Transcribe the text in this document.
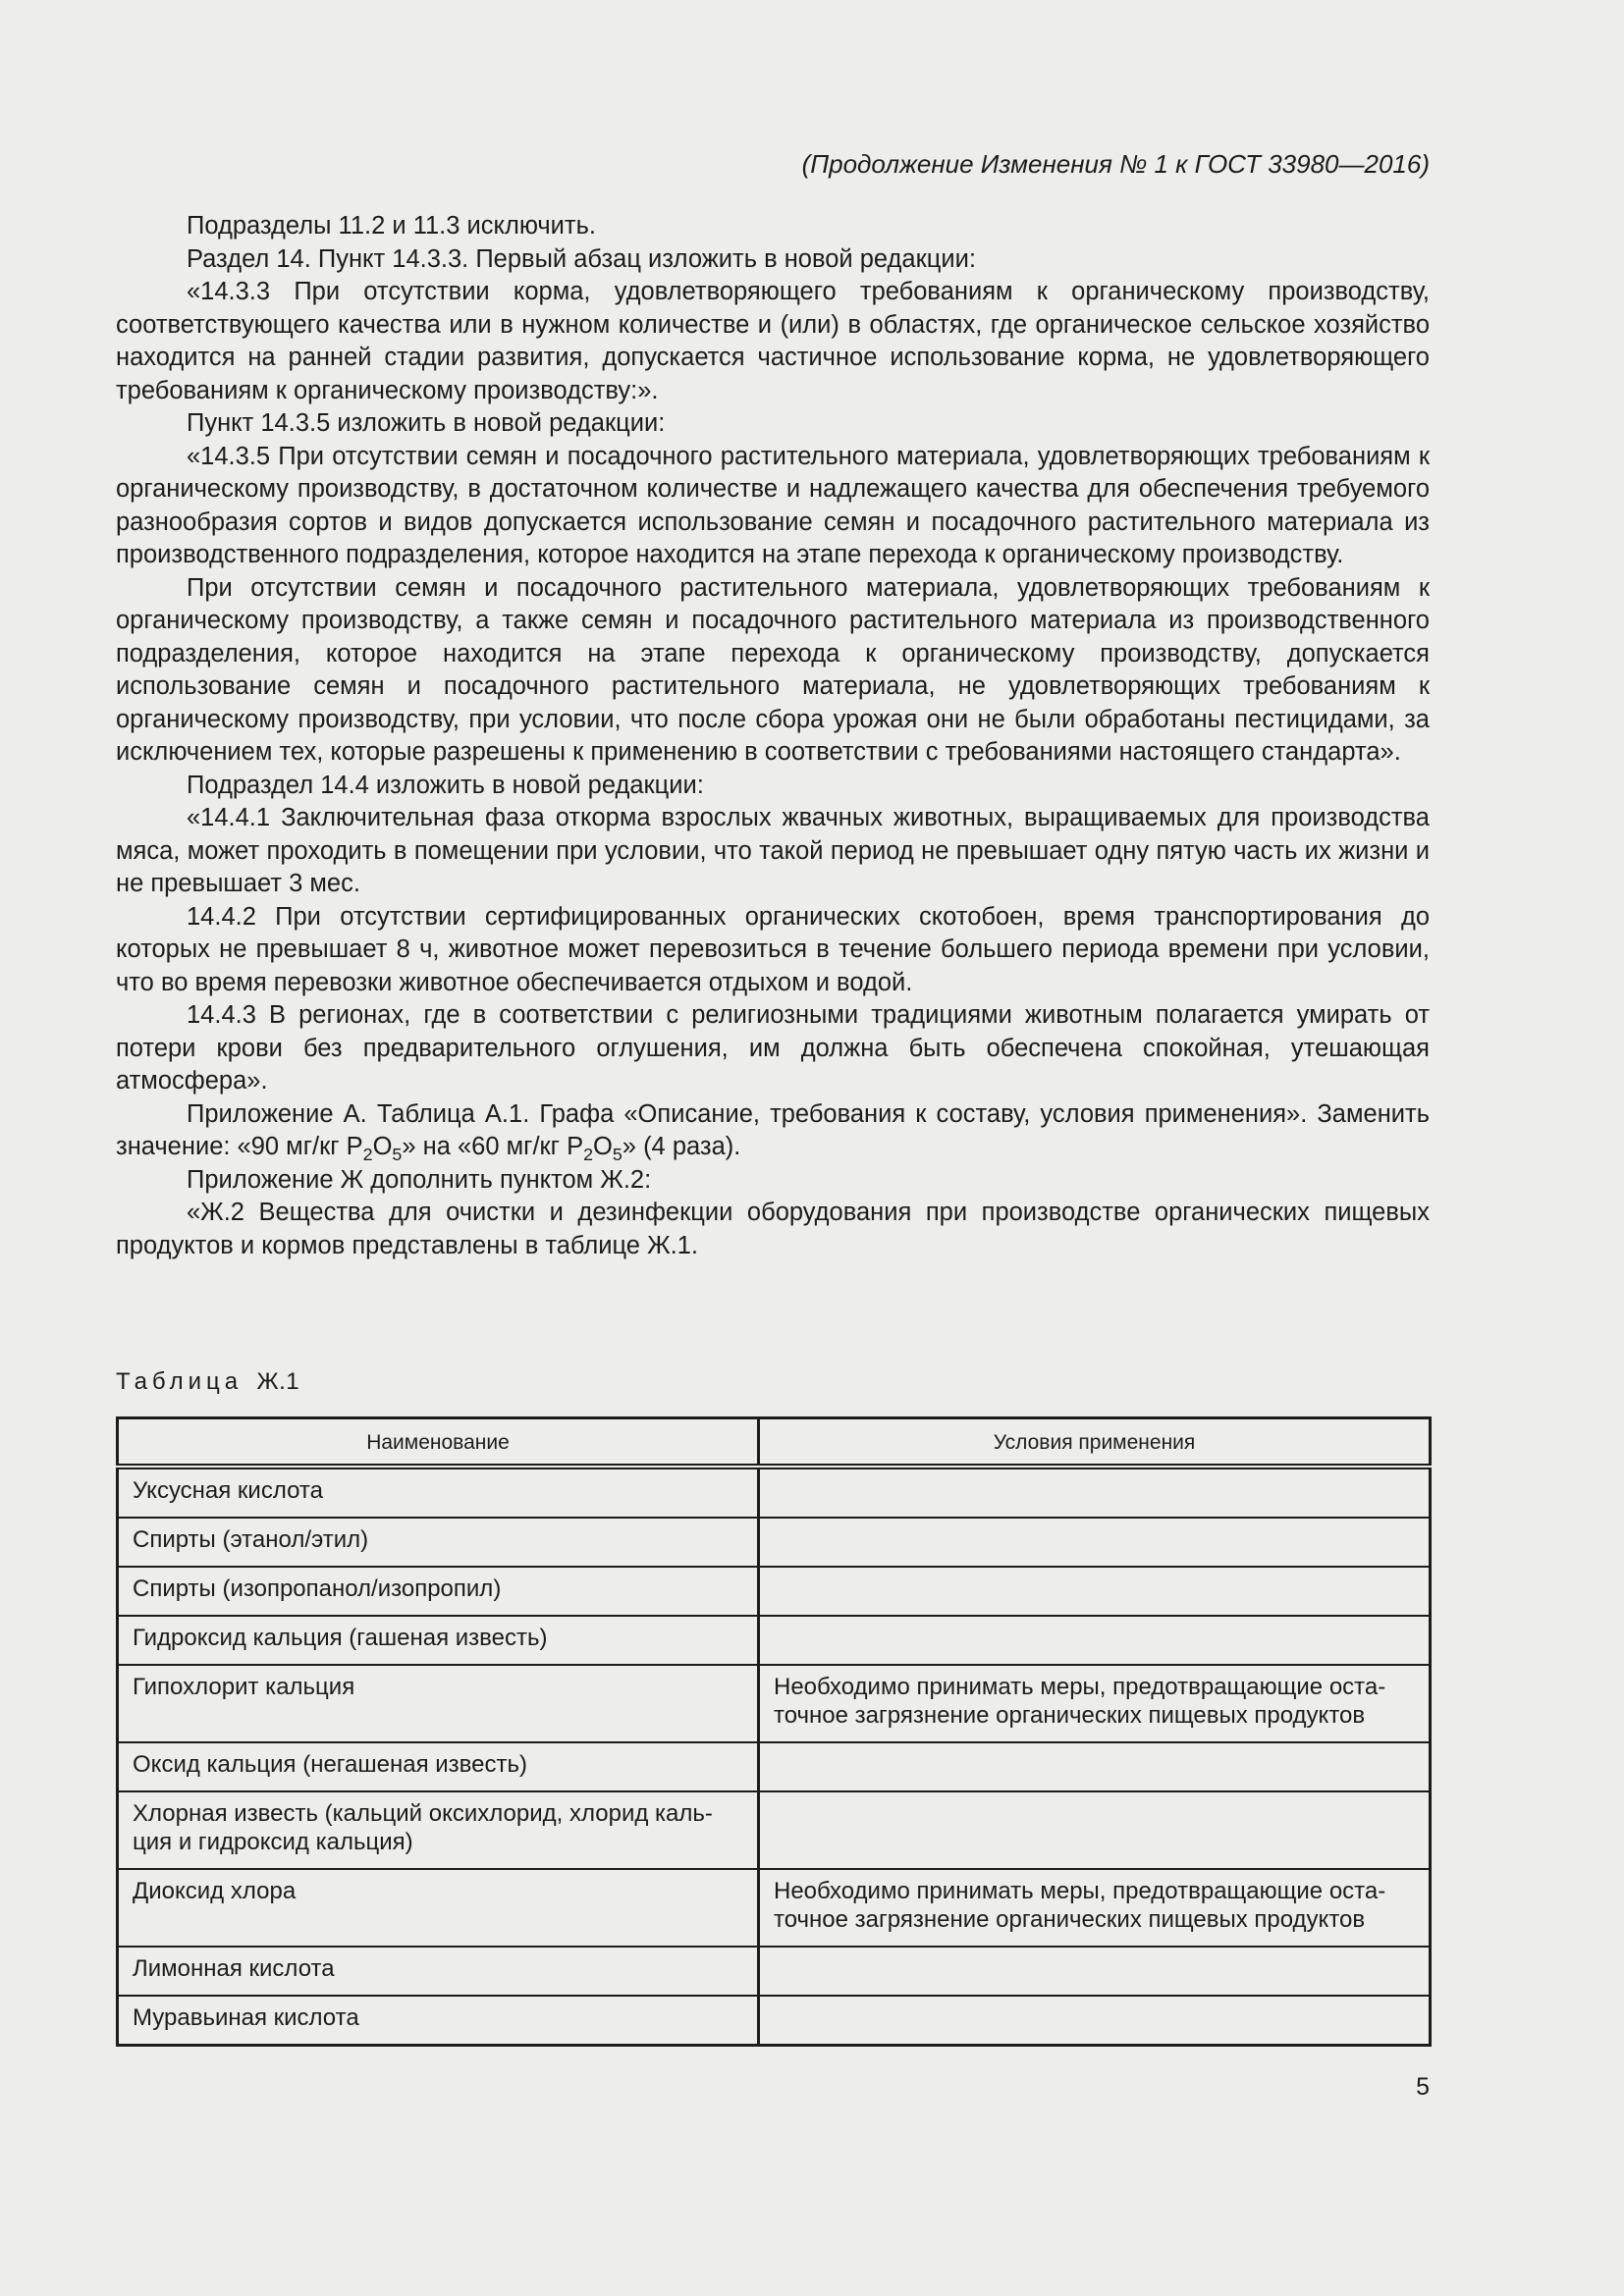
(Продолжение Изменения № 1 к ГОСТ 33980—2016)

Подразделы 11.2 и 11.3 исключить.

Раздел 14. Пункт 14.3.3. Первый абзац изложить в новой редакции:

«14.3.3 При отсутствии корма, удовлетворяющего требованиям к органическому производству, соответствующего качества или в нужном количестве и (или) в областях, где органическое сельское хозяйство находится на ранней стадии развития, допускается частичное использование корма, не удовлетворяющего требованиям к органическому производству:».

Пункт 14.3.5 изложить в новой редакции:

«14.3.5 При отсутствии семян и посадочного растительного материала, удовлетворяющих требованиям к органическому производству, в достаточном количестве и надлежащего качества для обеспечения требуемого разнообразия сортов и видов допускается использование семян и посадочного растительного материала из производственного подразделения, которое находится на этапе перехода к органическому производству.

При отсутствии семян и посадочного растительного материала, удовлетворяющих требованиям к органическому производству, а также семян и посадочного растительного материала из производственного подразделения, которое находится на этапе перехода к органическому производству, допускается использование семян и посадочного растительного материала, не удовлетворяющих требованиям к органическому производству, при условии, что после сбора урожая они не были обработаны пестицидами, за исключением тех, которые разрешены к применению в соответствии с требованиями настоящего стандарта».

Подраздел 14.4 изложить в новой редакции:

«14.4.1 Заключительная фаза откорма взрослых жвачных животных, выращиваемых для производства мяса, может проходить в помещении при условии, что такой период не превышает одну пятую часть их жизни и не превышает 3 мес.

14.4.2 При отсутствии сертифицированных органических скотобоен, время транспортирования до которых не превышает 8 ч, животное может перевозиться в течение большего периода времени при условии, что во время перевозки животное обеспечивается отдыхом и водой.

14.4.3 В регионах, где в соответствии с религиозными традициями животным полагается умирать от потери крови без предварительного оглушения, им должна быть обеспечена спокойная, утешающая атмосфера».

Приложение А. Таблица А.1. Графа «Описание, требования к составу, условия применения». Заменить значение: «90 мг/кг $P_2O_5$» на «60 мг/кг $P_2O_5$» (4 раза).

Приложение Ж дополнить пунктом Ж.2:

«Ж.2 Вещества для очистки и дезинфекции оборудования при производстве органических пищевых продуктов и кормов представлены в таблице Ж.1.

Таблица Ж.1
Наименование	Условия применения
Уксусная кислота	
Спирты (этанол/этил)	
Спирты (изопропанол/изопропил)	
Гидроксид кальция (гашеная известь)	
Гипохлорит кальция	Необходимо принимать меры, предотвращающие остаточное загрязнение органических пищевых продуктов
Оксид кальция (негашеная известь)	
Хлорная известь (кальций оксихлорид, хлорид кальция и гидроксид кальция)	
Диоксид хлора	Необходимо принимать меры, предотвращающие остаточное загрязнение органических пищевых продуктов
Лимонная кислота	
Муравьиная кислота	
5
